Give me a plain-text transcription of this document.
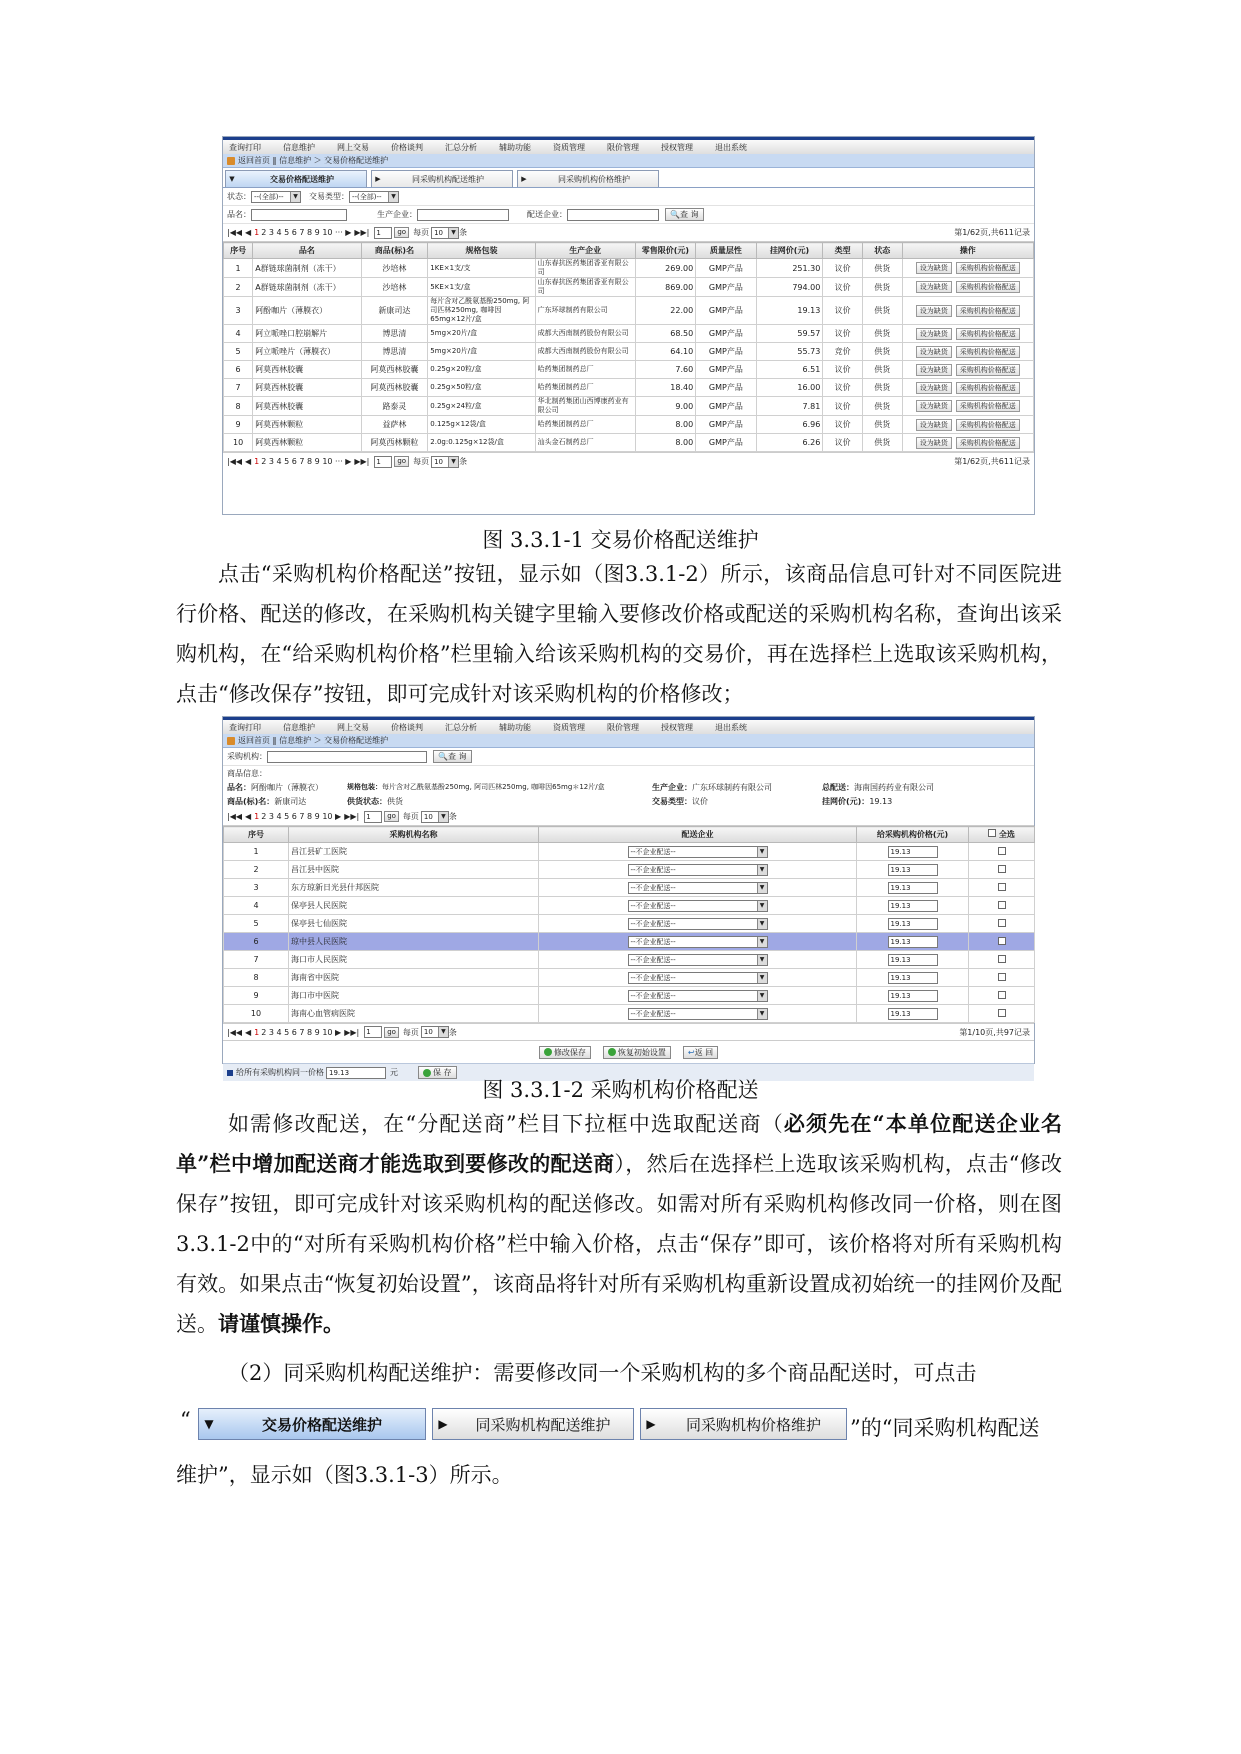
查询打印	信息维护	网上交易	价格谈判	汇总分析	辅助功能	资质管理	限价管理	授权管理	退出系统
返回首页 ‖ 信息维护 ＞ 交易价格配送维护
▼	交易价格配送维护	▶	同采购机构配送维护	▶	同采购机构价格维护
状态： --(全部)--	▼ 交易类型： --(全部)--	▼
品名：	生产企业：	配送企业：	🔍查 询
|◀◀ ◀ 1 2 3 4 5 6 7 8 9 10 ··· ▶ ▶▶| 1	go 每页 10	▼ 条	第1/62页,共611记录
序号	品名	商品(标)名	规格包装	生产企业	零售限价(元)	质量层性	挂网价(元)	类型	状态	操作
1	A群链球菌制剂（冻干）	沙培林	1KE×1支/支	山东春抗医药集团香亚有限公司	269.00	GMP产品	251.30	议价	供货	设为缺货 采购机构价格配送
2	A群链球菌制剂（冻干）	沙培林	5KE×1支/盒	山东春抗医药集团香亚有限公司	869.00	GMP产品	794.00	议价	供货	设为缺货 采购机构价格配送
3	阿酚咖片（薄膜衣）	新康司达	每片含对乙酰氨基酚250mg, 阿司匹林250mg, 咖啡因65mg×12片/盒	广东环球制药有限公司	22.00	GMP产品	19.13	议价	供货	设为缺货 采购机构价格配送
4	阿立哌唑口腔崩解片	博思清	5mg×20片/盒	成都大西南制药股份有限公司	68.50	GMP产品	59.57	议价	供货	设为缺货 采购机构价格配送
5	阿立哌唑片（薄膜衣）	博思清	5mg×20片/盒	成都大西南制药股份有限公司	64.10	GMP产品	55.73	竞价	供货	设为缺货 采购机构价格配送
6	阿莫西林胶囊	阿莫西林胶囊	0.25g×20粒/盒	哈药集团制药总厂	7.60	GMP产品	6.51	议价	供货	设为缺货 采购机构价格配送
7	阿莫西林胶囊	阿莫西林胶囊	0.25g×50粒/盒	哈药集团制药总厂	18.40	GMP产品	16.00	议价	供货	设为缺货 采购机构价格配送
8	阿莫西林胶囊	路泰灵	0.25g×24粒/盒	华北制药集团山西博康药业有限公司	9.00	GMP产品	7.81	议价	供货	设为缺货 采购机构价格配送
9	阿莫西林颗粒	益萨林	0.125g×12袋/盒	哈药集团制药总厂	8.00	GMP产品	6.96	议价	供货	设为缺货 采购机构价格配送
10	阿莫西林颗粒	阿莫西林颗粒	2.0g:0.125g×12袋/盒	汕头金石制药总厂	8.00	GMP产品	6.26	议价	供货	设为缺货 采购机构价格配送
|◀◀ ◀ 1 2 3 4 5 6 7 8 9 10 ··· ▶ ▶▶| 1	go 每页 10	▼ 条	第1/62页,共611记录
图 3.3.1-1 交易价格配送维护
点击“采购机构价格配送”按钮，显示如（图3.3.1-2）所示，该商品信息可针对不同医院进行价格、配送的修改，在采购机构关键字里输入要修改价格或配送的采购机构名称，查询出该采购机构，在“给采购机构价格”栏里输入给该采购机构的交易价，再在选择栏上选取该采购机构，点击“修改保存”按钮，即可完成针对该采购机构的价格修改；
查询打印	信息维护	网上交易	价格谈判	汇总分析	辅助功能	资质管理	限价管理	授权管理	退出系统
返回首页 ‖ 信息维护 ＞ 交易价格配送维护
采购机构：	🔍查 询
商品信息：
品名：阿酚咖片（薄膜衣）	规格包装：每片含对乙酰氨基酚250mg, 阿司匹林250mg, 咖啡因65mg＊12片/盒	生产企业：广东环球制药有限公司	总配送：海南国药药业有限公司
商品(标)名：新康司达	供货状态：供货	交易类型：议价	挂网价(元)：19.13
|◀◀ ◀ 1 2 3 4 5 6 7 8 9 10 ▶ ▶▶| 1	go 每页 10	▼ 条
序号	采购机构名称	配送企业	给采购机构价格(元)	全选
1	昌江县矿工医院	--不企业配送-- ▼	19.13	
2	昌江县中医院	--不企业配送-- ▼	19.13	
3	东方琼新日光县什邦医院	--不企业配送-- ▼	19.13	
4	保亭县人民医院	--不企业配送-- ▼	19.13	
5	保亭县七仙医院	--不企业配送-- ▼	19.13	
6	琼中县人民医院	--不企业配送-- ▼	19.13	
7	海口市人民医院	--不企业配送-- ▼	19.13	
8	海南省中医院	--不企业配送-- ▼	19.13	
9	海口市中医院	--不企业配送-- ▼	19.13	
10	海南心血管病医院	--不企业配送-- ▼	19.13	
|◀◀ ◀ 1 2 3 4 5 6 7 8 9 10 ▶ ▶▶| 1	go 每页 10	▼ 条	第1/10页,共97记录
修改保存	恢复初始设置	↩返 回
给所有采购机构同一价格 19.13	元	保 存
图 3.3.1-2 采购机构价格配送
如需修改配送，在“分配送商”栏目下拉框中选取配送商（必须先在“本单位配送企业名单”栏中增加配送商才能选取到要修改的配送商），然后在选择栏上选取该采购机构，点击“修改保存”按钮，即可完成针对该采购机构的配送修改。如需对所有采购机构修改同一价格，则在图3.3.1-2中的“对所有采购机构价格”栏中输入价格，点击“保存”即可，该价格将对所有采购机构有效。如果点击“恢复初始设置”，该商品将针对所有采购机构重新设置成初始统一的挂网价及配送。请谨慎操作。
（2）同采购机构配送维护：需要修改同一个采购机构的多个商品配送时，可点击
“	▼	交易价格配送维护	▶	同采购机构配送维护	▶	同采购机构价格维护	”的“同采购机构配送
维护”，显示如（图3.3.1-3）所示。
